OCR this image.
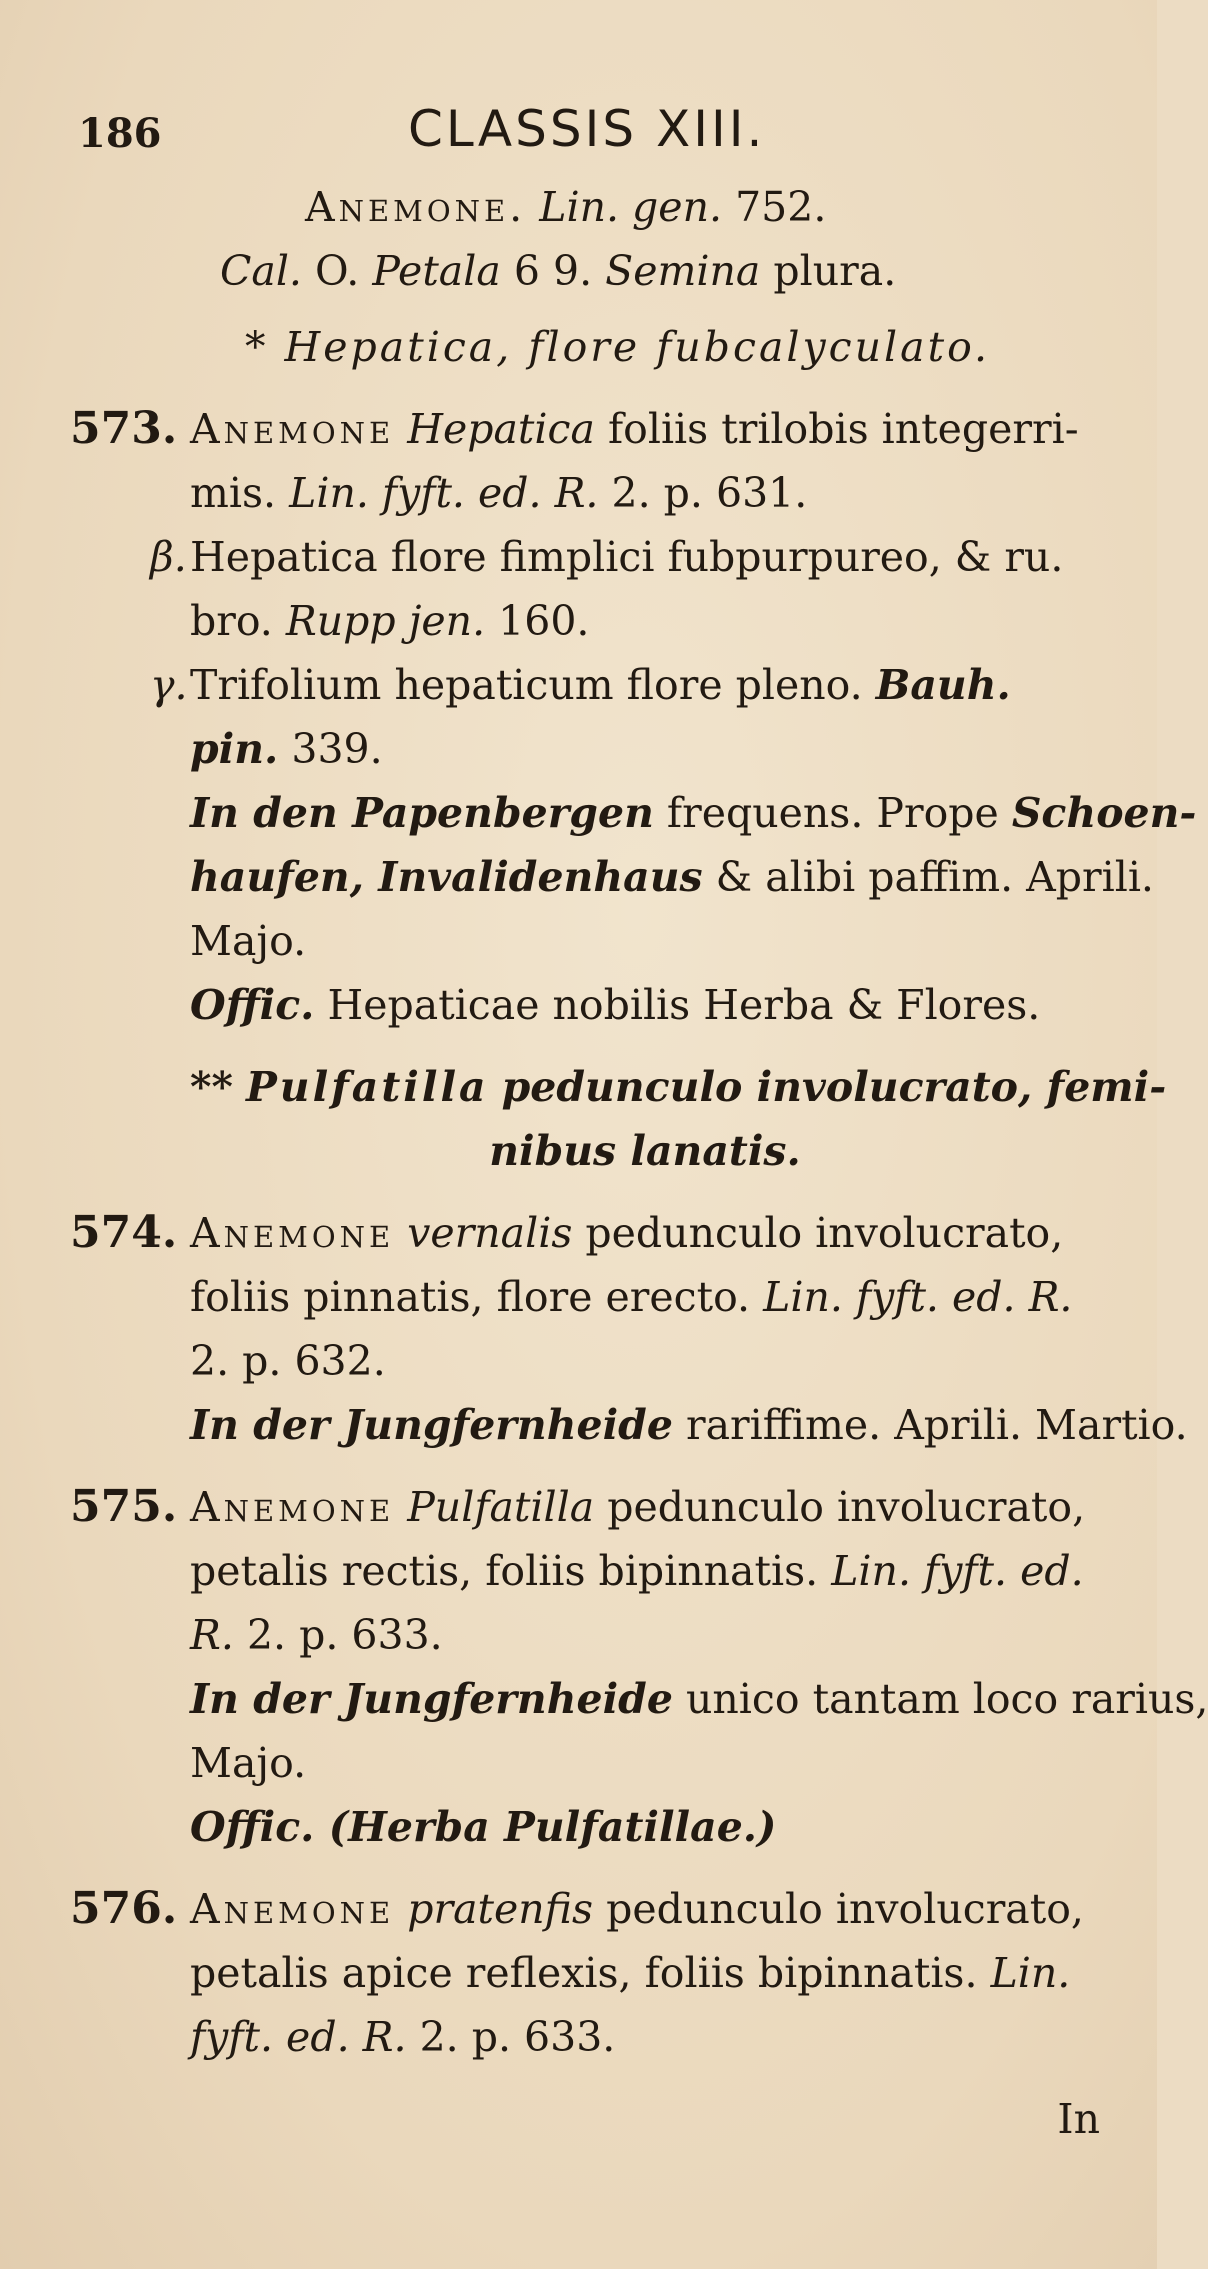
186	CLASSIS XIII.
Anemone. Lin. gen. 752.
Cal. O. Petala 6 9. Semina plura.
* Hepatica, flore fubcalyculato.
573. Anemone Hepatica foliis trilobis integerri-
mis. Lin. fyft. ed. R. 2. p. 631.
β.Hepatica flore fimplici fubpurpureo, & ru.
bro. Rupp jen. 160.
γ.Trifolium hepaticum flore pleno. Bauh.
pin. 339.
In den Papenbergen frequens. Prope Schoen-
haufen, Invalidenhaus & alibi paffim. Aprili.
Majo.
Offic. Hepaticae nobilis Herba & Flores.
** Pulfatilla pedunculo involucrato, femi-
nibus lanatis.
574. Anemone vernalis pedunculo involucrato,
foliis pinnatis, flore erecto. Lin. fyft. ed. R.
2. p. 632.
In der Jungfernheide rariffime. Aprili. Martio.
575. Anemone Pulfatilla pedunculo involucrato,
petalis rectis, foliis bipinnatis. Lin. fyft. ed.
R. 2. p. 633.
In der Jungfernheide unico tantam loco rarius,
Majo.
Offic. (Herba Pulfatillae.)
576. Anemone pratenfis pedunculo involucrato,
petalis apice reflexis, foliis bipinnatis. Lin.
fyft. ed. R. 2. p. 633.
In
